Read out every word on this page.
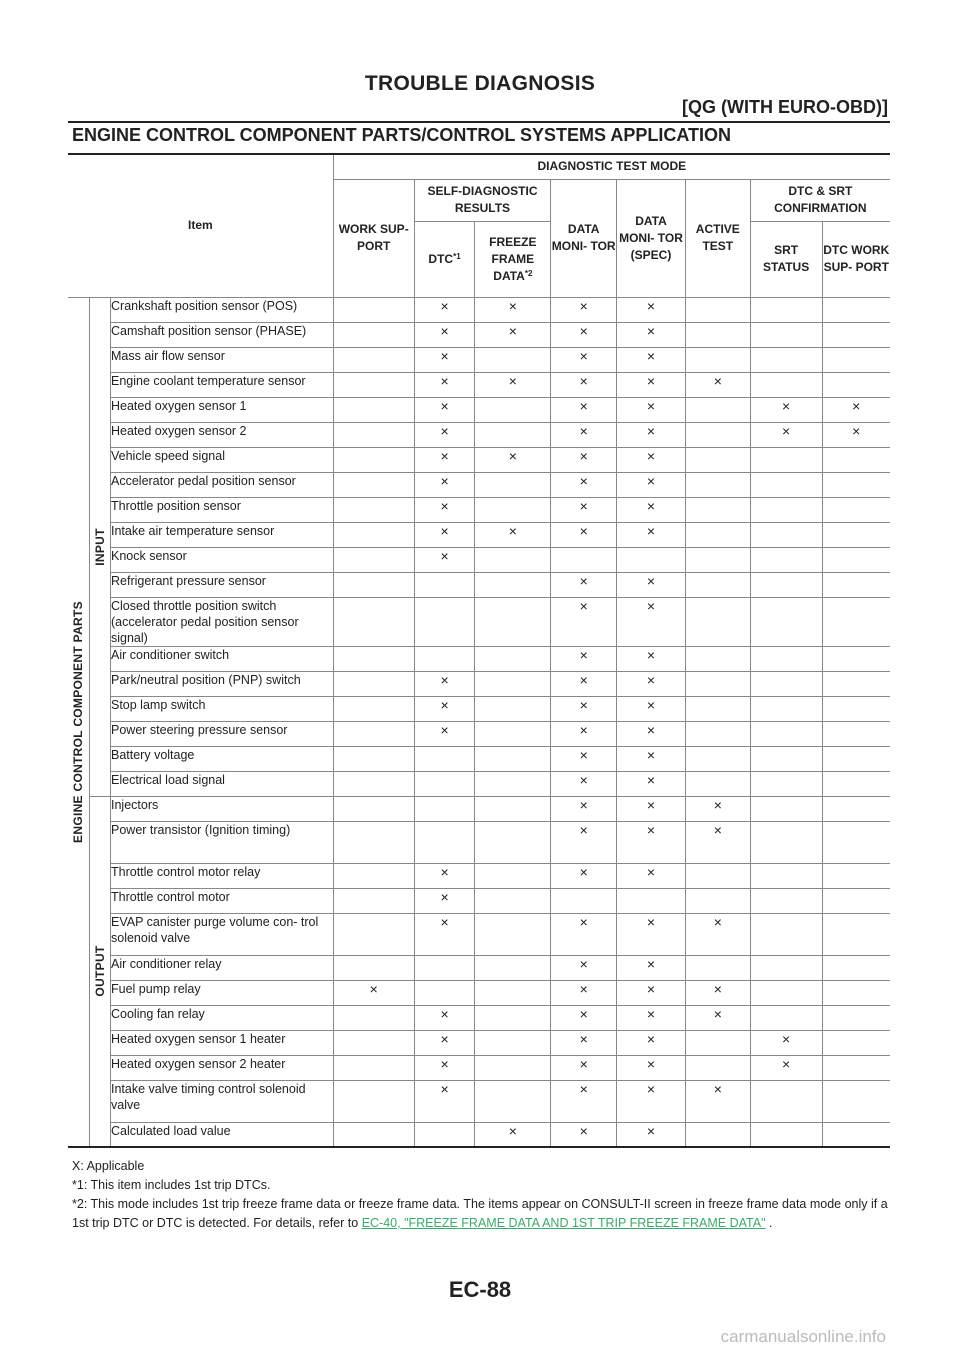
TROUBLE DIAGNOSIS
[QG (WITH EURO-OBD)]
ENGINE CONTROL COMPONENT PARTS/CONTROL SYSTEMS APPLICATION
Item			DIAGNOSTIC TEST MODE							
			WORK SUP- PORT	SELF-DIAGNOSTIC RESULTS		DATA MONI- TOR	DATA MONI- TOR (SPEC)	ACTIVE TEST	DTC & SRT CONFIRMATION	
				DTC$^{*1}$	FREEZE FRAME DATA$^{*2}$				SRT STATUS	DTC WORK SUP- PORT

ENGINE CONTROL COMPONENT PARTS	INPUT	Crankshaft position sensor (POS)		×	×	×	×			
		Camshaft position sensor (PHASE)		×	×	×	×			
		Mass air flow sensor		×		×	×			
		Engine coolant temperature sensor		×	×	×	×	×		
		Heated oxygen sensor 1		×		×	×		×	×
		Heated oxygen sensor 2		×		×	×		×	×
		Vehicle speed signal		×	×	×	×			
		Accelerator pedal position sensor		×		×	×			
		Throttle position sensor		×		×	×			
		Intake air temperature sensor		×	×	×	×			
		Knock sensor		×						
		Refrigerant pressure sensor				×	×			
		Closed throttle position switch (accelerator pedal position sensor signal)				×	×			
		Air conditioner switch				×	×			
		Park/neutral position (PNP) switch		×		×	×			
		Stop lamp switch		×		×	×			
		Power steering pressure sensor		×		×	×			
		Battery voltage				×	×			
		Electrical load signal				×	×			

	OUTPUT	Injectors				×	×	×		
		Power transistor (Ignition timing)				×	×	×		
		Throttle control motor relay		×		×	×			
		Throttle control motor		×						
		EVAP canister purge volume con- trol solenoid valve		×		×	×	×		
		Air conditioner relay				×	×			
		Fuel pump relay	×			×	×	×		
		Cooling fan relay		×		×	×	×		
		Heated oxygen sensor 1 heater		×		×	×		×	
		Heated oxygen sensor 2 heater		×		×	×		×	
		Intake valve timing control solenoid valve		×		×	×	×		
		Calculated load value			×	×	×			
X: Applicable
*1: This item includes 1st trip DTCs.
*2: This mode includes 1st trip freeze frame data or freeze frame data. The items appear on CONSULT-II screen in freeze frame data mode only if a 1st trip DTC or DTC is detected. For details, refer to EC-40, "FREEZE FRAME DATA AND 1ST TRIP FREEZE FRAME DATA" .
EC-88
carmanualsonline.info
